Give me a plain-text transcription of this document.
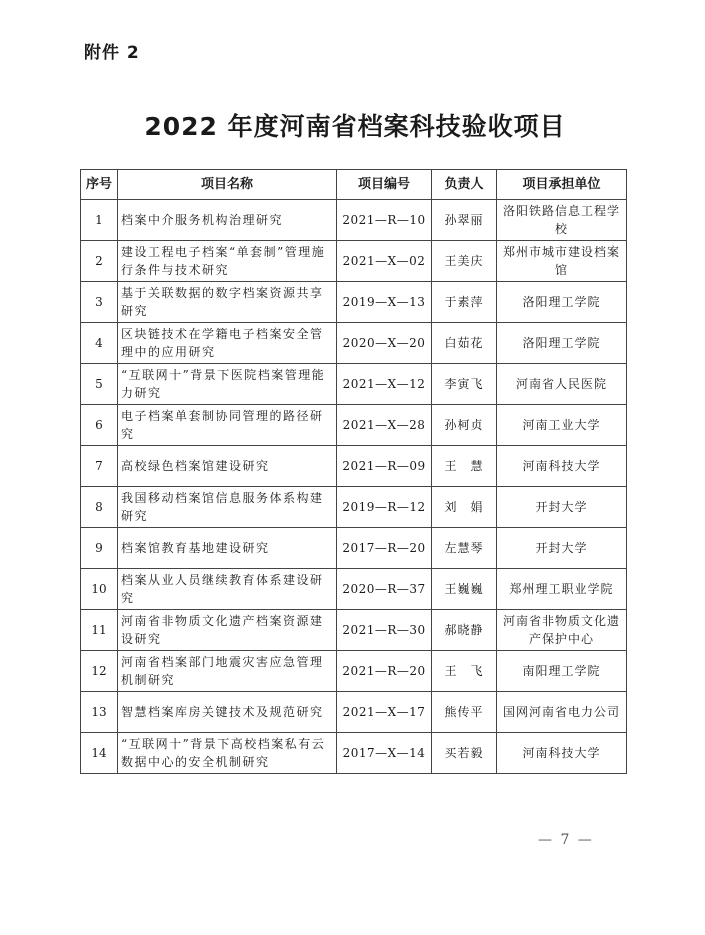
附件 2
2022 年度河南省档案科技验收项目
序号	项目名称	项目编号	负责人	项目承担单位
1	档案中介服务机构治理研究	2021—R—10	孙翠丽	洛阳铁路信息工程学校
2	建设工程电子档案“单套制”管理施行条件与技术研究	2021—X—02	王美庆	郑州市城市建设档案馆
3	基于关联数据的数字档案资源共享研究	2019—X—13	于素萍	洛阳理工学院
4	区块链技术在学籍电子档案安全管理中的应用研究	2020—X—20	白茹花	洛阳理工学院
5	“互联网十”背景下医院档案管理能力研究	2021—X—12	李寅飞	河南省人民医院
6	电子档案单套制协同管理的路径研究	2021—X—28	孙柯贞	河南工业大学
7	高校绿色档案馆建设研究	2021—R—09	王　慧	河南科技大学
8	我国移动档案馆信息服务体系构建研究	2019—R—12	刘　娟	开封大学
9	档案馆教育基地建设研究	2017—R—20	左慧琴	开封大学
10	档案从业人员继续教育体系建设研究	2020—R—37	王巍巍	郑州理工职业学院
11	河南省非物质文化遗产档案资源建设研究	2021—R—30	郝晓静	河南省非物质文化遗产保护中心
12	河南省档案部门地震灾害应急管理机制研究	2021—R—20	王　飞	南阳理工学院
13	智慧档案库房关键技术及规范研究	2021—X—17	熊传平	国网河南省电力公司
14	“互联网十”背景下高校档案私有云数据中心的安全机制研究	2017—X—14	买若毅	河南科技大学
— 7 —
